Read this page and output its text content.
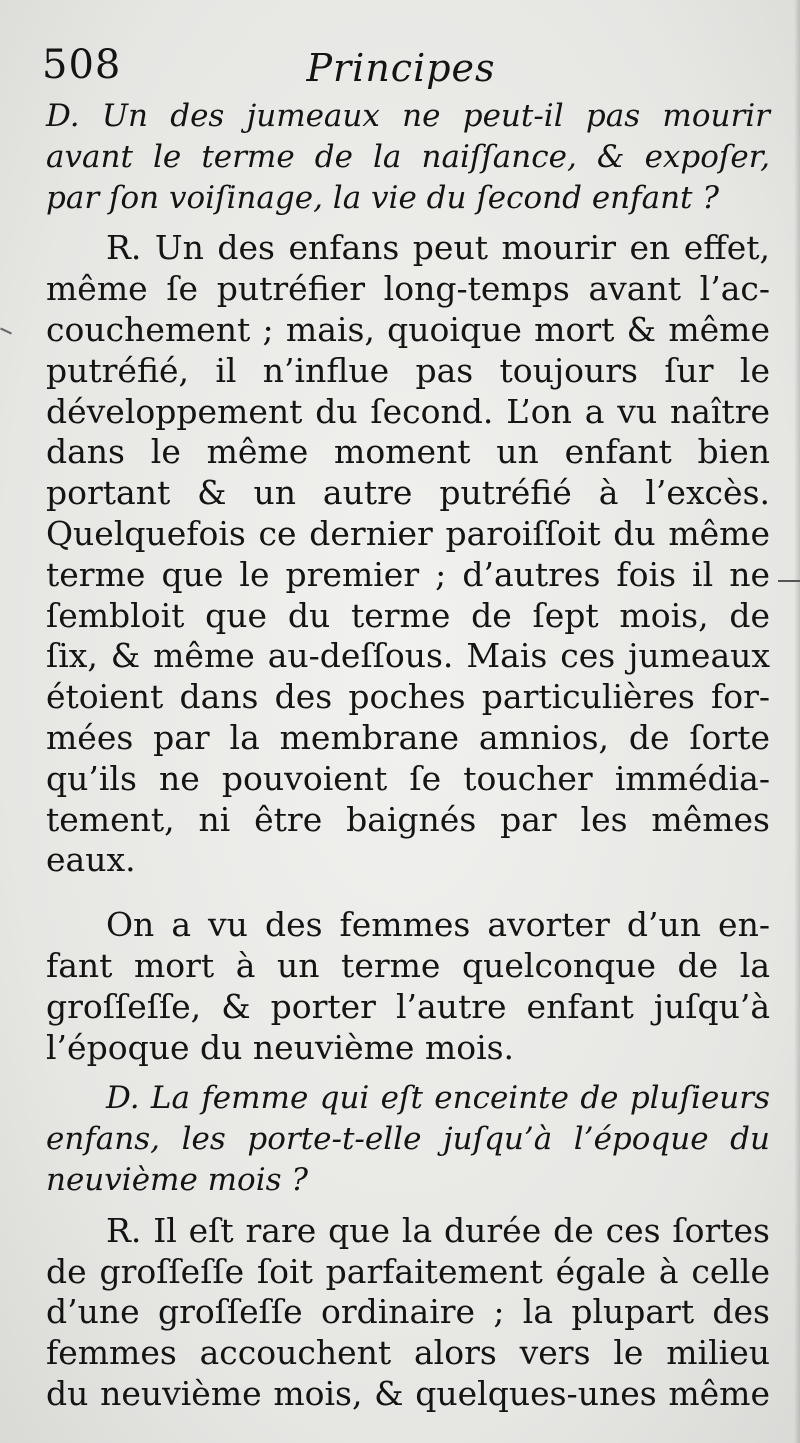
508	Principes
D. Un des jumeaux ne peut-il pas mourir
avant le terme de la naiſſance, & expoſer,
par ſon voiſinage, la vie du ſecond enfant ?
R. Un des enfans peut mourir en effet,
même ſe putréfier long-temps avant l’ac-
couchement ; mais, quoique mort & même
putréfié, il n’influe pas toujours ſur le
développement du ſecond. L’on a vu naître
dans le même moment un enfant bien
portant & un autre putréfié à l’excès.
Quelquefois ce dernier paroiſſoit du même
terme que le premier ; d’autres fois il ne
ſembloit que du terme de ſept mois, de
ſix, & même au-deſſous. Mais ces jumeaux
étoient dans des poches particulières for-
mées par la membrane amnios, de ſorte
qu’ils ne pouvoient ſe toucher immédia-
tement, ni être baignés par les mêmes
eaux.
On a vu des femmes avorter d’un en-
fant mort à un terme quelconque de la
groſſeſſe, & porter l’autre enfant juſqu’à
l’époque du neuvième mois.
D. La femme qui eſt enceinte de pluſieurs
enfans, les porte-t-elle juſqu’à l’époque du
neuvième mois ?
R. Il eſt rare que la durée de ces ſortes
de groſſeſſe ſoit parfaitement égale à celle
d’une groſſeſſe ordinaire ; la plupart des
femmes accouchent alors vers le milieu
du neuvième mois, & quelques-unes même
